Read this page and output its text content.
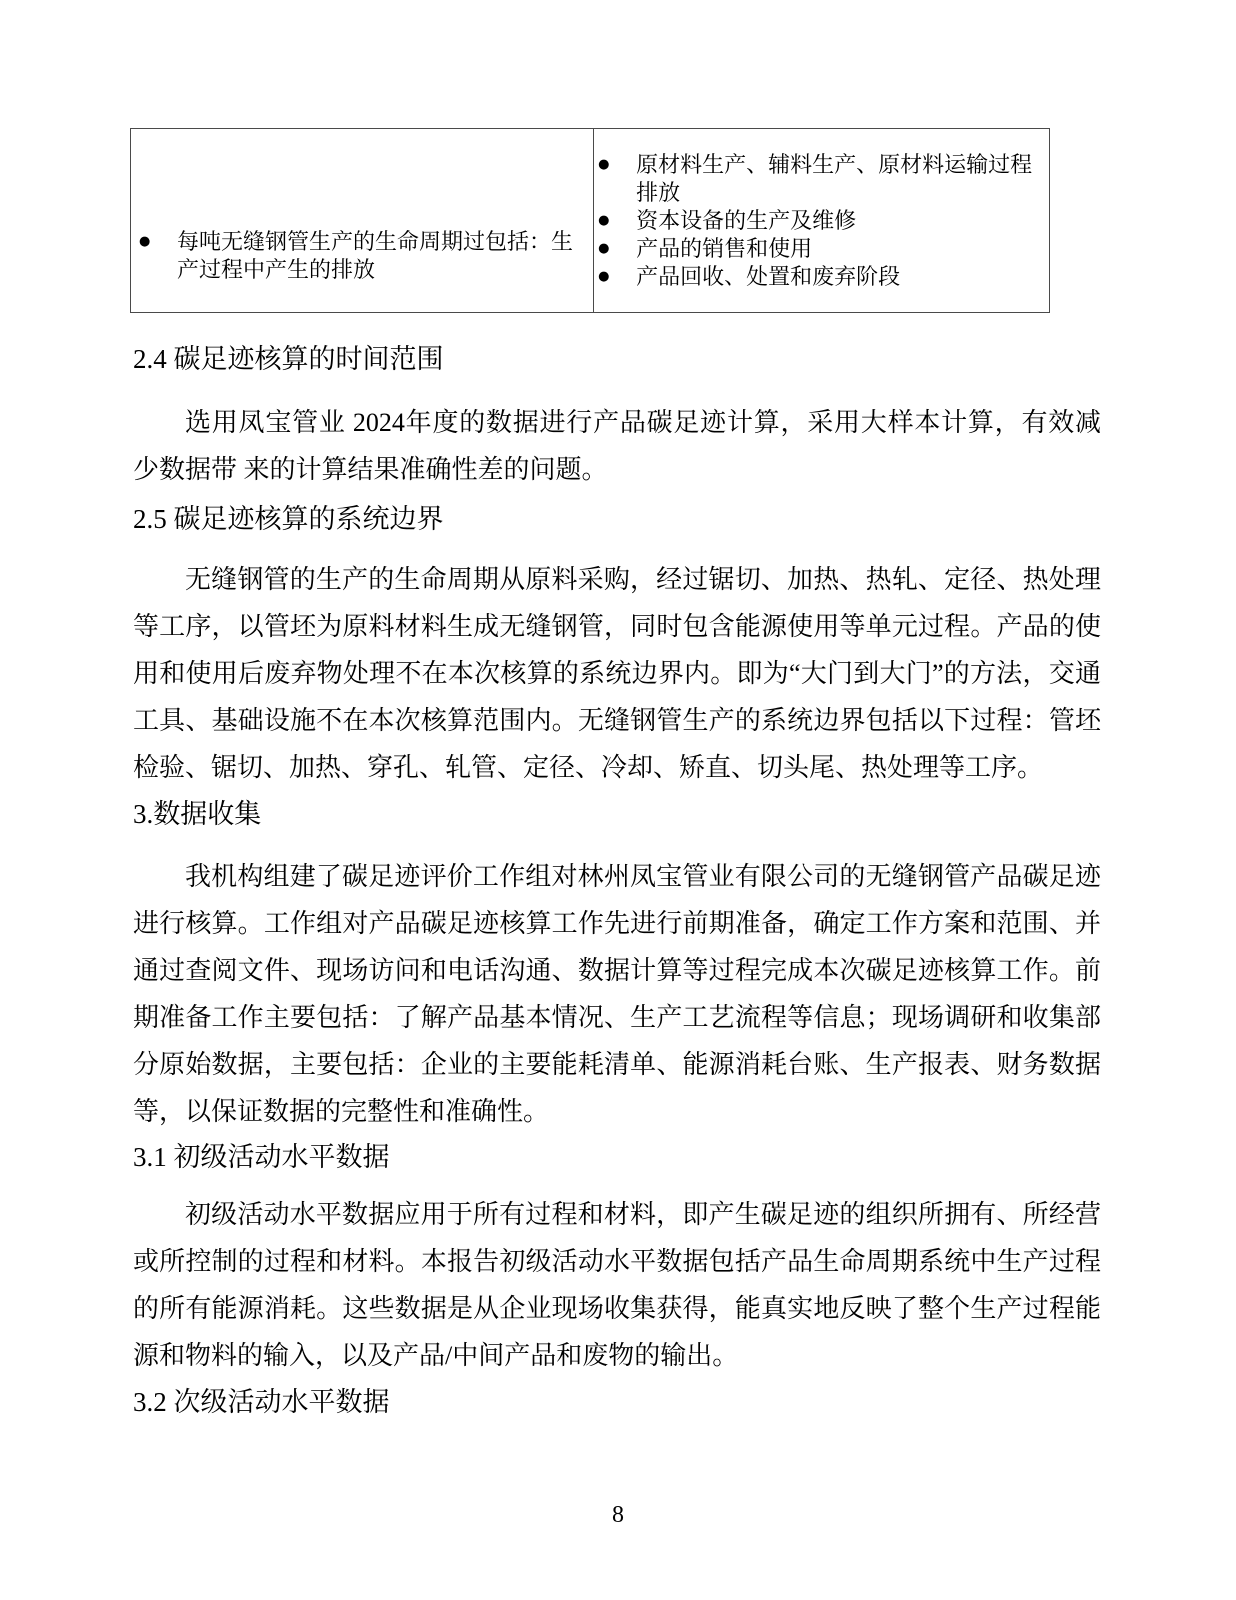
●	每吨无缝钢管生产的生命周期过包括：生产过程中产生的排放

●	原材料生产、辅料生产、原材料运输过程排放
●	资本设备的生产及维修
●	产品的销售和使用
●	产品回收、处置和废弃阶段
2.4 碳足迹核算的时间范围

选用凤宝管业 2024年度的数据进行产品碳足迹计算，采用大样本计算，有效减少数据带 来的计算结果准确性差的问题。

2.5 碳足迹核算的系统边界

无缝钢管的生产的生命周期从原料采购，经过锯切、加热、热轧、定径、热处理等工序，以管坯为原料材料生成无缝钢管，同时包含能源使用等单元过程。产品的使用和使用后废弃物处理不在本次核算的系统边界内。即为“大门到大门”的方法，交通工具、基础设施不在本次核算范围内。无缝钢管生产的系统边界包括以下过程：管坯检验、锯切、加热、穿孔、轧管、定径、冷却、矫直、切头尾、热处理等工序。

3.数据收集

我机构组建了碳足迹评价工作组对林州凤宝管业有限公司的无缝钢管产品碳足迹进行核算。工作组对产品碳足迹核算工作先进行前期准备，确定工作方案和范围、并通过查阅文件、现场访问和电话沟通、数据计算等过程完成本次碳足迹核算工作。前期准备工作主要包括：了解产品基本情况、生产工艺流程等信息；现场调研和收集部分原始数据，主要包括：企业的主要能耗清单、能源消耗台账、生产报表、财务数据等，以保证数据的完整性和准确性。

3.1 初级活动水平数据

初级活动水平数据应用于所有过程和材料，即产生碳足迹的组织所拥有、所经营或所控制的过程和材料。本报告初级活动水平数据包括产品生命周期系统中生产过程的所有能源消耗。这些数据是从企业现场收集获得，能真实地反映了整个生产过程能源和物料的输入，以及产品/中间产品和废物的输出。

3.2 次级活动水平数据
8
